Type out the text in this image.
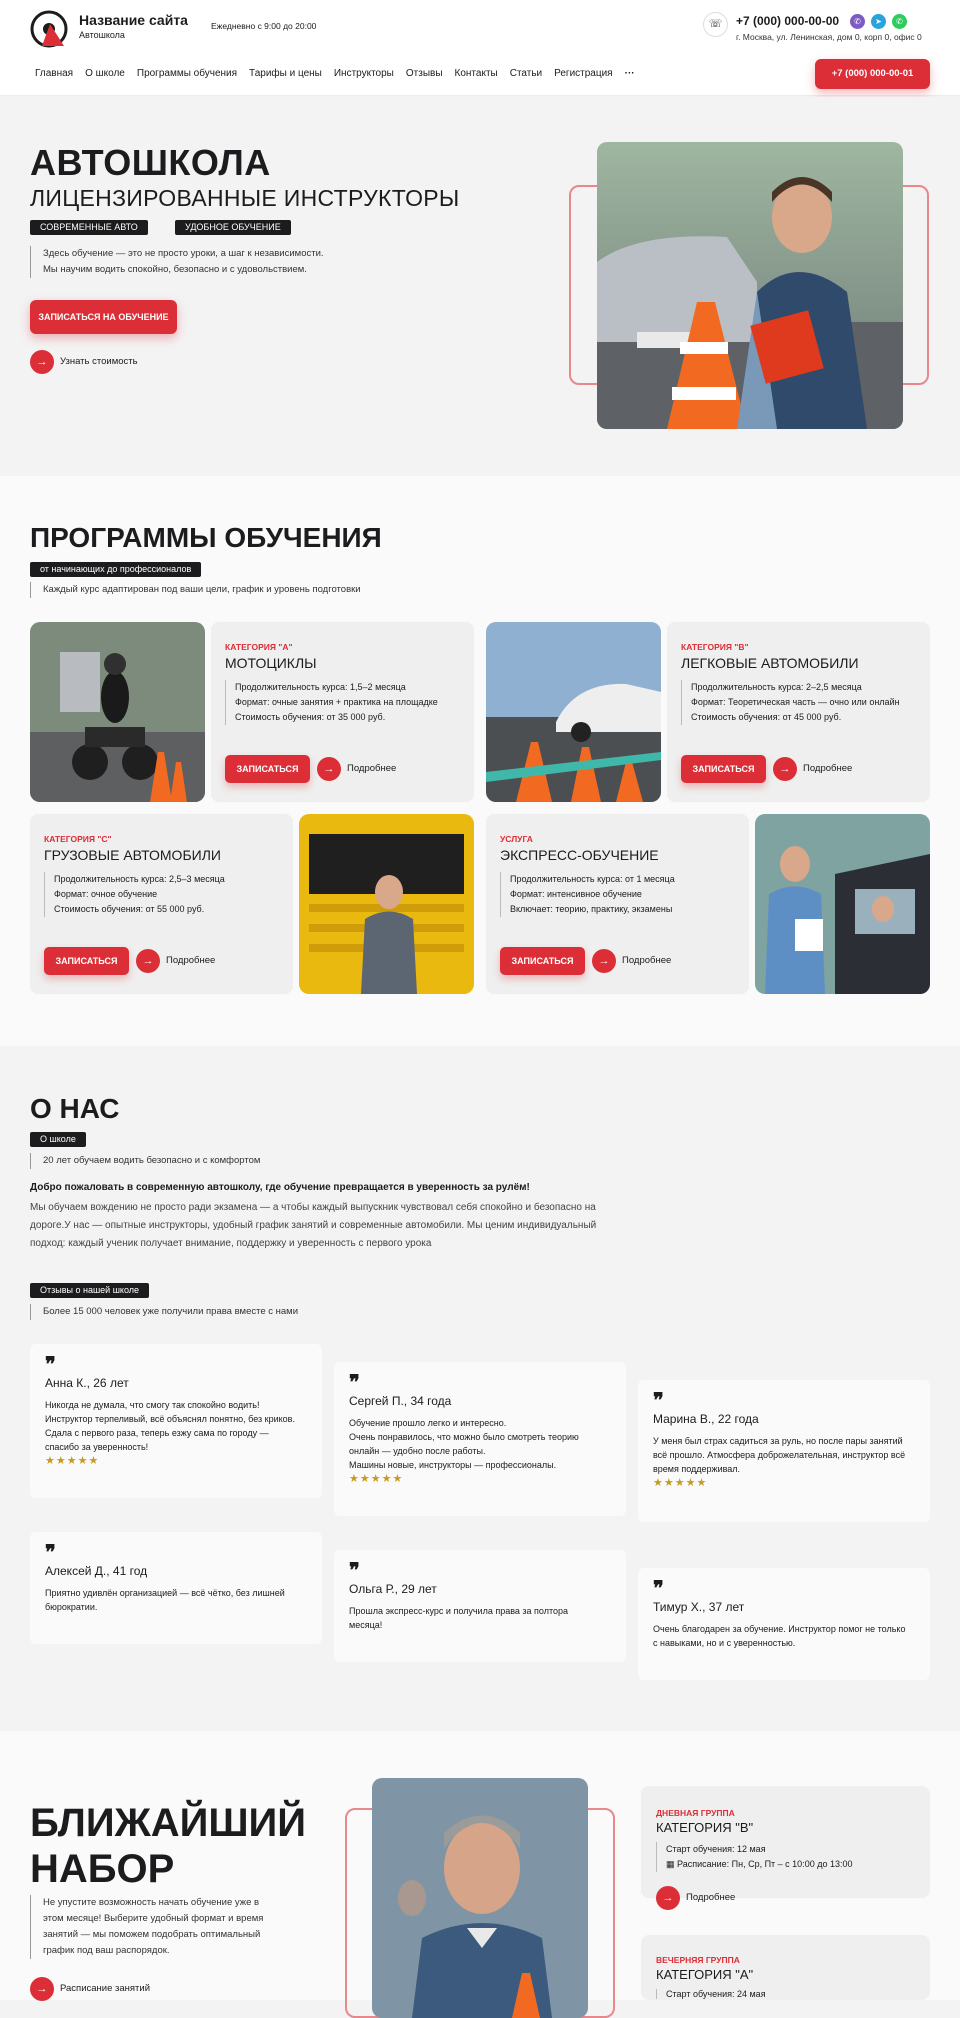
Название сайта
Автошкола
Ежедневно с 9:00 до 20:00	☏	+7 (000) 000-00-00	✆	➤	✆
г. Москва, ул. Ленинская, дом 0, корп 0, офис 0
Главная О школе Программы обучения Тарифы и цены Инструкторы Отзывы Контакты Статьи Регистрация ···	+7 (000) 000-00-01
АВТОШКОЛА
ЛИЦЕНЗИРОВАННЫЕ ИНСТРУКТОРЫ
СОВРЕМЕННЫЕ АВТО	УДОБНОЕ ОБУЧЕНИЕ
Здесь обучение — это не просто уроки, а шаг к независимости.
Мы научим водить спокойно, безопасно и с удовольствием.
ЗАПИСАТЬСЯ НА ОБУЧЕНИЕ
→	Узнать стоимость
ПРОГРАММЫ ОБУЧЕНИЯ
от начинающих до профессионалов
Каждый курс адаптирован под ваши цели, график и уровень подготовки
КАТЕГОРИЯ "А"
МОТОЦИКЛЫ
Продолжительность курса: 1,5–2 месяца
Формат: очные занятия + практика на площадке
Стоимость обучения: от 35 000 руб.
ЗАПИСАТЬСЯ	→	Подробнее
КАТЕГОРИЯ "В"
ЛЕГКОВЫЕ АВТОМОБИЛИ
Продолжительность курса: 2–2,5 месяца
Формат: Теоретическая часть — очно или онлайн
Стоимость обучения: от 45 000 руб.
ЗАПИСАТЬСЯ	→	Подробнее
КАТЕГОРИЯ "С"
ГРУЗОВЫЕ АВТОМОБИЛИ
Продолжительность курса: 2,5–3 месяца
Формат: очное обучение
Стоимость обучения: от 55 000 руб.
ЗАПИСАТЬСЯ	→	Подробнее
УСЛУГА
ЭКСПРЕСС-ОБУЧЕНИЕ
Продолжительность курса: от 1 месяца
Формат: интенсивное обучение
Включает: теорию, практику, экзамены
ЗАПИСАТЬСЯ	→	Подробнее
О НАС
О школе
20 лет обучаем водить безопасно и с комфортом
Добро пожаловать в современную автошколу, где обучение превращается в уверенность за рулём!
Мы обучаем вождению не просто ради экзамена — а чтобы каждый выпускник чувствовал себя спокойно и безопасно на
дороге.У нас — опытные инструкторы, удобный график занятий и современные автомобили. Мы ценим индивидуальный
подход: каждый ученик получает внимание, поддержку и уверенность с первого урока
Отзывы о нашей школе
Более 15 000 человек уже получили права вместе с нами
❞
Анна К., 26 лет
Никогда не думала, что смогу так спокойно водить!
Инструктор терпеливый, всё объяснял понятно, без криков.
Сдала с первого раза, теперь езжу сама по городу —
спасибо за уверенность!
★★★★★
❞
Сергей П., 34 года
Обучение прошло легко и интересно.
Очень понравилось, что можно было смотреть теорию
онлайн — удобно после работы.
Машины новые, инструкторы — профессионалы.
★★★★★
❞
Марина В., 22 года
У меня был страх садиться за руль, но после пары занятий
всё прошло. Атмосфера доброжелательная, инструктор всё
время поддерживал.
★★★★★
❞
Алексей Д., 41 год
Приятно удивлён организацией — всё чётко, без лишней
бюрократии.
❞
Ольга Р., 29 лет
Прошла экспресс-курс и получила права за полтора
месяца!
❞
Тимур Х., 37 лет
Очень благодарен за обучение. Инструктор помог не только
с навыками, но и с уверенностью.
БЛИЖАЙШИЙ
НАБОР
Не упустите возможность начать обучение уже в
этом месяце! Выберите удобный формат и время
занятий — мы поможем подобрать оптимальный
график под ваш распорядок.
→	Расписание занятий
ДНЕВНАЯ ГРУППА
КАТЕГОРИЯ "В"
Старт обучения: 12 мая
▦ Расписание: Пн, Ср, Пт – с 10:00 до 13:00
→	Подробнее
ВЕЧЕРНЯЯ ГРУППА
КАТЕГОРИЯ "А"
Старт обучения: 24 мая
